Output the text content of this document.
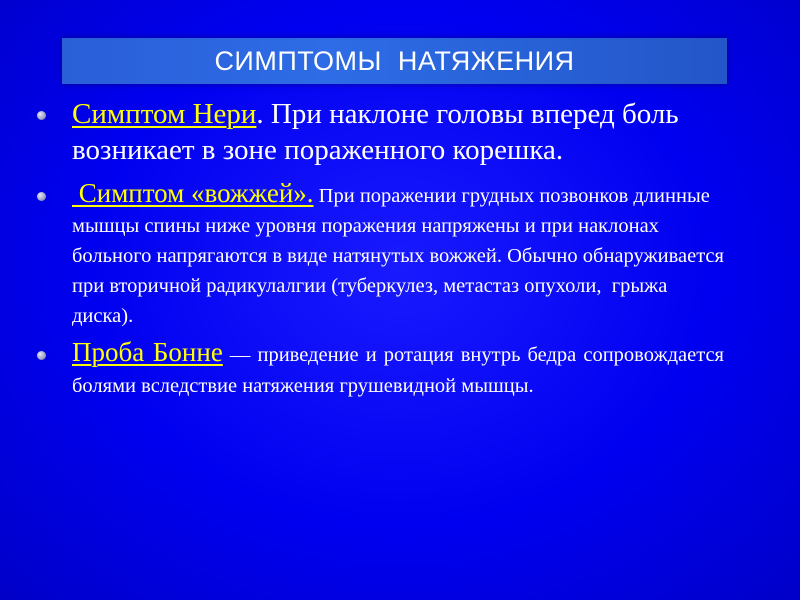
СИМПТОМЫ  НАТЯЖЕНИЯ
Симптом Нери. При наклоне головы вперед боль возникает в зоне пораженного корешка.
Симптом «вожжей». При поражении грудных позвонков длинные мышцы спины ниже уровня поражения напряжены и при наклонах больного напрягаются в виде натянутых вожжей. Обычно обнаруживается при вторичной радикулалгии (туберкулез, метастаз опухоли,  грыжа  диска).
Проба Бонне — приведение и ротация внутрь бедра сопровождается болями вследствие натяжения грушевидной мышцы.
